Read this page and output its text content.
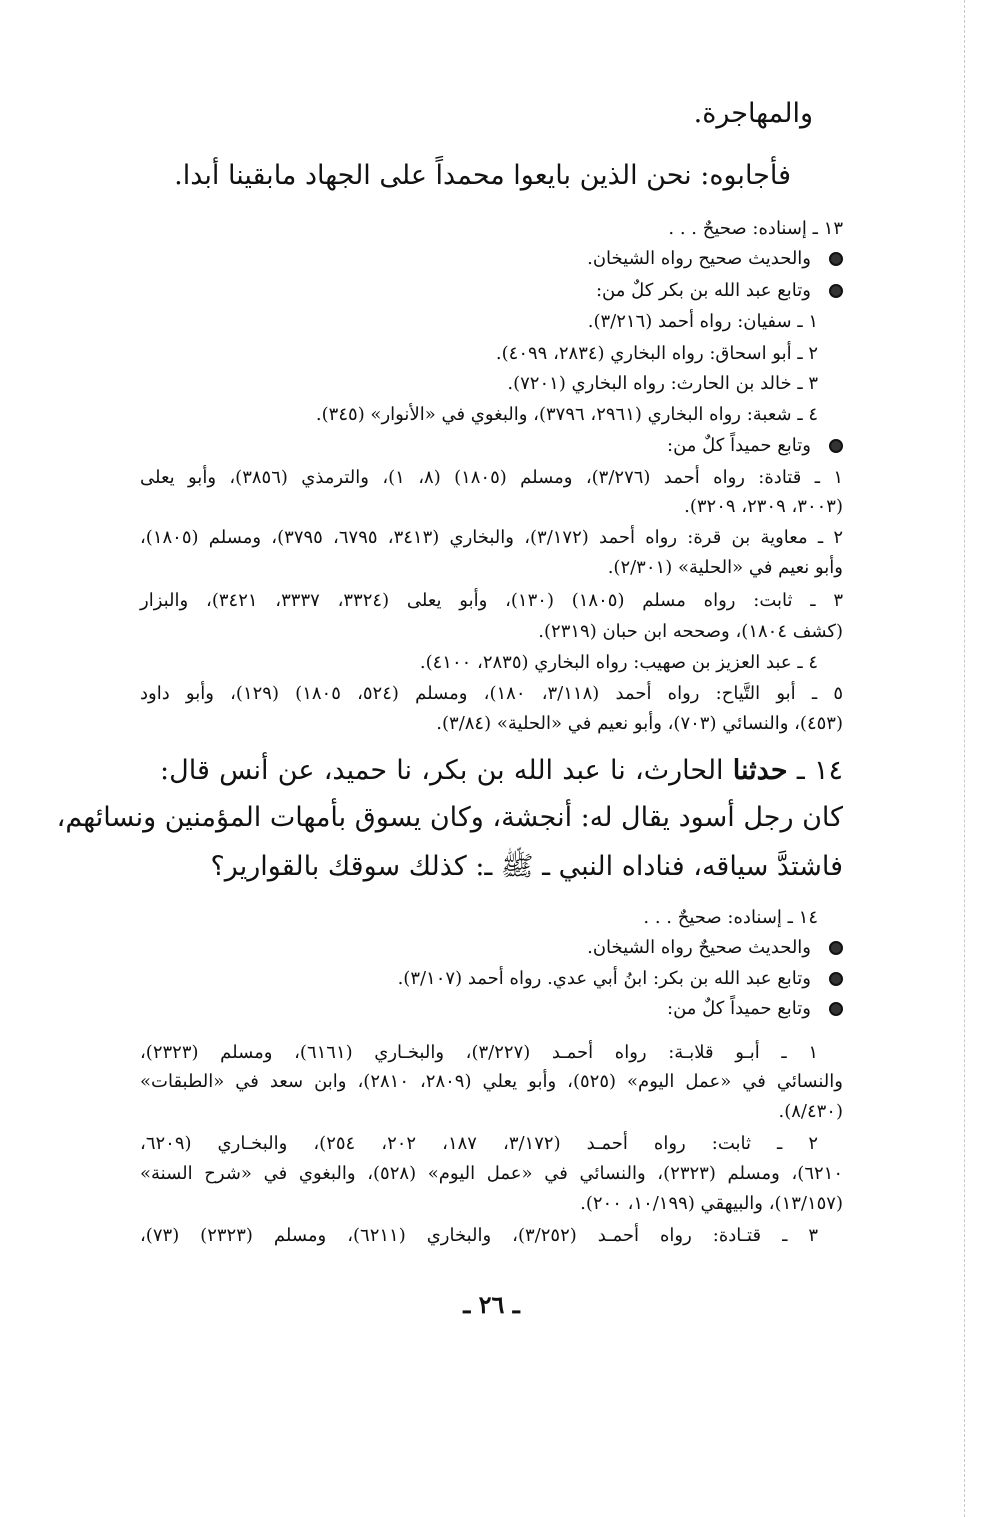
والمهاجرة.
فأجابوه: نحن الذين بايعوا محمداً على الجهاد مابقينا أبدا.
١٣ ـ إسناده: صحيحٌ . . .
والحديث صحيح رواه الشيخان.
وتابع عبد الله بن بكر كلٌ من:
١ ـ سفيان: رواه أحمد (٣/٢١٦).
٢ ـ أبو اسحاق: رواه البخاري (٢٨٣٤، ٤٠٩٩).
٣ ـ خالد بن الحارث: رواه البخاري (٧٢٠١).
٤ ـ شعبة: رواه البخاري (٢٩٦١، ٣٧٩٦)، والبغوي في «الأنوار» (٣٤٥).
وتابع حميداً كلٌ من:
١ ـ قتادة: رواه أحمد (٣/٢٧٦)، ومسلم (١٨٠٥) (٨، ١)، والترمذي (٣٨٥٦)، وأبو يعلى
(٣٠٠٣، ٢٣٠٩، ٣٢٠٩).
٢ ـ معاوية بن قرة: رواه أحمد (٣/١٧٢)، والبخاري (٣٤١٣، ٦٧٩٥، ٣٧٩٥)، ومسلم (١٨٠٥)،
وأبو نعيم في «الحلية» (٢/٣٠١).
٣ ـ ثابت: رواه مسلم (١٨٠٥) (١٣٠)، وأبو يعلى (٣٣٢٤، ٣٣٣٧، ٣٤٢١)، والبزار
(كشف ١٨٠٤)، وصححه ابن حبان (٢٣١٩).
٤ ـ عبد العزيز بن صهيب: رواه البخاري (٢٨٣٥، ٤١٠٠).
٥ ـ أبو التَّياح: رواه أحمد (٣/١١٨، ١٨٠)، ومسلم (٥٢٤، ١٨٠٥) (١٢٩)، وأبو داود
(٤٥٣)، والنسائي (٧٠٣)، وأبو نعيم في «الحلية» (٣/٨٤).
١٤ ـ حدثنا الحارث، نا عبد الله بن بكر، نا حميد، عن أنس قال:
كان رجل أسود يقال له: أنجشة، وكان يسوق بأمهات المؤمنين ونسائهم،
فاشتدَّ سياقه، فناداه النبي ـ ﷺ ـ: كذلك سوقك بالقوارير؟
١٤ ـ إسناده: صحيحٌ . . .
والحديث صحيحٌ رواه الشيخان.
وتابع عبد الله بن بكر: ابنُ أبي عدي. رواه أحمد (٣/١٠٧).
وتابع حميداً كلٌ من:
١ ـ أبـو قلابـة: رواه أحمـد (٣/٢٢٧)، والبخـاري (٦١٦١)، ومسلم (٢٣٢٣)،
والنسائي في «عمل اليوم» (٥٢٥)، وأبو يعلي (٢٨٠٩، ٢٨١٠)، وابن سعد في «الطبقات»
(٨/٤٣٠).
٢ ـ ثابت: رواه أحمـد (٣/١٧٢، ١٨٧، ٢٠٢، ٢٥٤)، والبخـاري (٦٢٠٩،
٦٢١٠)، ومسلم (٢٣٢٣)، والنسائي في «عمل اليوم» (٥٢٨)، والبغوي في «شرح السنة»
(١٣/١٥٧)، والبيهقي (١٠/١٩٩، ٢٠٠).
٣ ـ قتـادة: رواه أحمـد (٣/٢٥٢)، والبخاري (٦٢١١)، ومسلم (٢٣٢٣) (٧٣)،
ـ ٢٦ ـ
